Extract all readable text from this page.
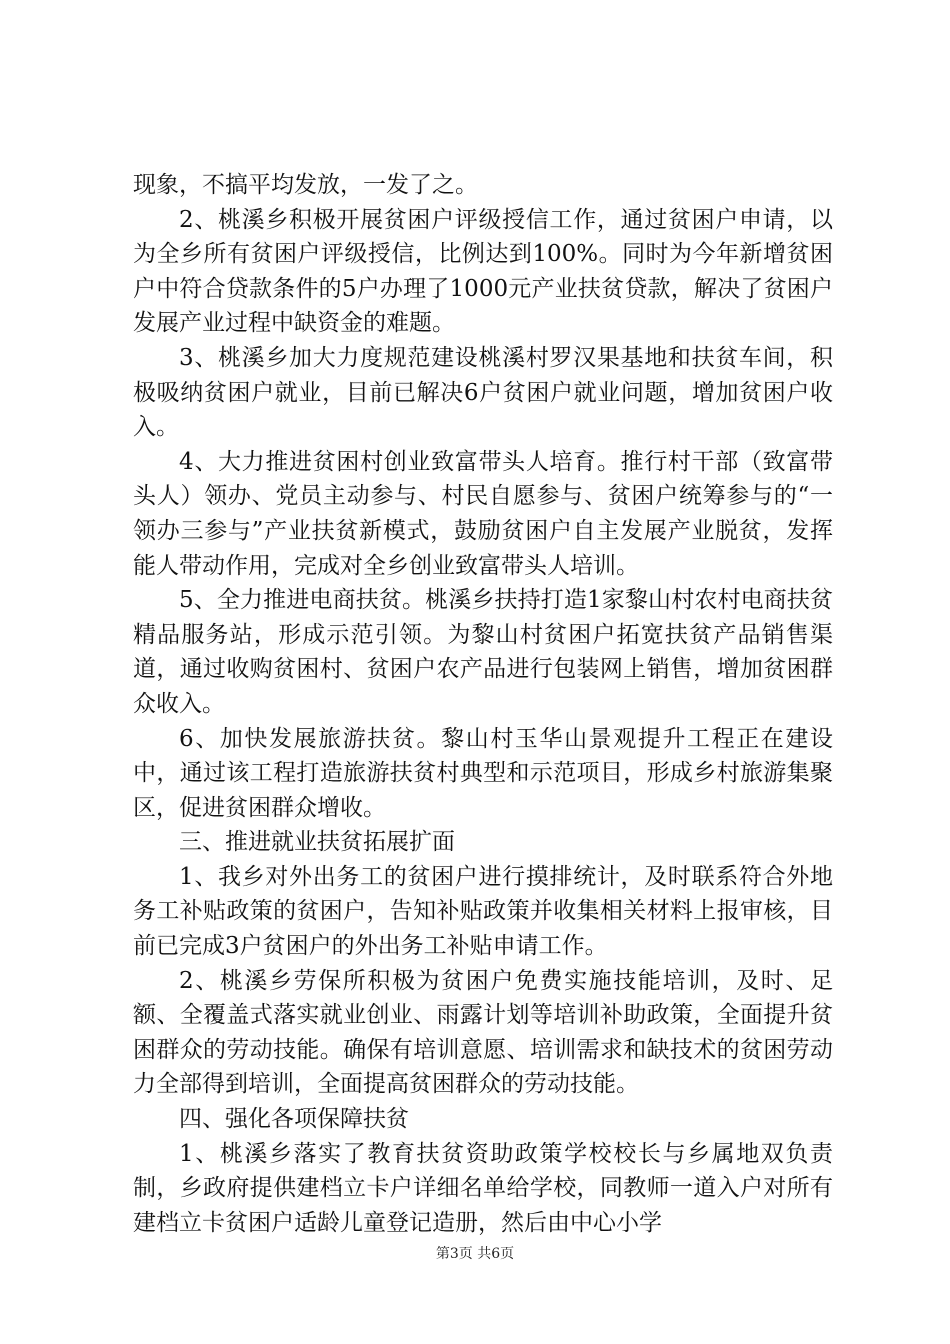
现象，不搞平均发放，一发了之。

2、桃溪乡积极开展贫困户评级授信工作，通过贫困户申请，以为全乡所有贫困户评级授信，比例达到100%。同时为今年新增贫困户中符合贷款条件的5户办理了1000元产业扶贫贷款，解决了贫困户发展产业过程中缺资金的难题。

3、桃溪乡加大力度规范建设桃溪村罗汉果基地和扶贫车间，积极吸纳贫困户就业，目前已解决6户贫困户就业问题，增加贫困户收入。

4、大力推进贫困村创业致富带头人培育。推行村干部（致富带头人）领办、党员主动参与、村民自愿参与、贫困户统筹参与的“一领办三参与”产业扶贫新模式，鼓励贫困户自主发展产业脱贫，发挥能人带动作用，完成对全乡创业致富带头人培训。

5、全力推进电商扶贫。桃溪乡扶持打造1家黎山村农村电商扶贫精品服务站，形成示范引领。为黎山村贫困户拓宽扶贫产品销售渠道，通过收购贫困村、贫困户农产品进行包装网上销售，增加贫困群众收入。

6、加快发展旅游扶贫。黎山村玉华山景观提升工程正在建设中，通过该工程打造旅游扶贫村典型和示范项目，形成乡村旅游集聚区，促进贫困群众增收。

三、推进就业扶贫拓展扩面

1、我乡对外出务工的贫困户进行摸排统计，及时联系符合外地务工补贴政策的贫困户，告知补贴政策并收集相关材料上报审核，目前已完成3户贫困户的外出务工补贴申请工作。

2、桃溪乡劳保所积极为贫困户免费实施技能培训，及时、足额、全覆盖式落实就业创业、雨露计划等培训补助政策，全面提升贫困群众的劳动技能。确保有培训意愿、培训需求和缺技术的贫困劳动力全部得到培训，全面提高贫困群众的劳动技能。

四、强化各项保障扶贫

1、桃溪乡落实了教育扶贫资助政策学校校长与乡属地双负责制，乡政府提供建档立卡户详细名单给学校，同教师一道入户对所有建档立卡贫困户适龄儿童登记造册，然后由中心小学

第3页 共6页
